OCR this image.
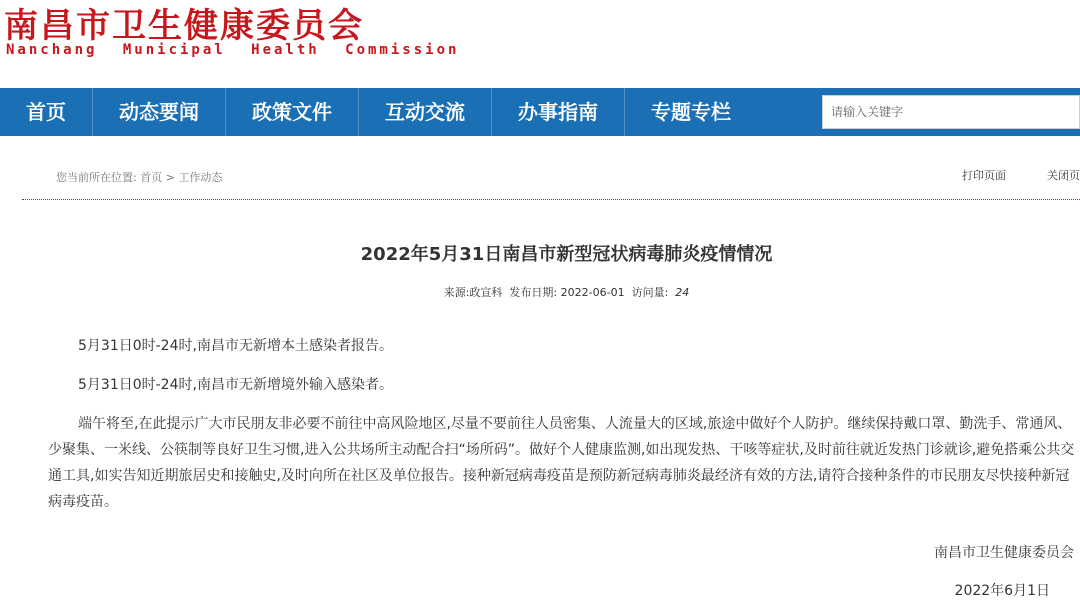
南昌市卫生健康委员会
Nanchang Municipal Health Commission
首页	动态要闻	政策文件	互动交流	办事指南	专题专栏
请输入关键字
您当前所在位置: 首页 > 工作动态	打印页面	关闭页
2022年5月31日南昌市新型冠状病毒肺炎疫情情况
来源:政宣科 发布日期: 2022-06-01 访问量: 24

5月31日0时-24时,南昌市无新增本土感染者报告。

5月31日0时-24时,南昌市无新增境外输入感染者。

端午将至,在此提示广大市民朋友非必要不前往中高风险地区,尽量不要前往人员密集、人流量大的区域,旅途中做好个人防护。继续保持戴口罩、勤洗手、常通风、少聚集、一米线、公筷制等良好卫生习惯,进入公共场所主动配合扫“场所码”。做好个人健康监测,如出现发热、干咳等症状,及时前往就近发热门诊就诊,避免搭乘公共交通工具,如实告知近期旅居史和接触史,及时向所在社区及单位报告。接种新冠病毒疫苗是预防新冠病毒肺炎最经济有效的方法,请符合接种条件的市民朋友尽快接种新冠病毒疫苗。

南昌市卫生健康委员会
2022年6月1日
